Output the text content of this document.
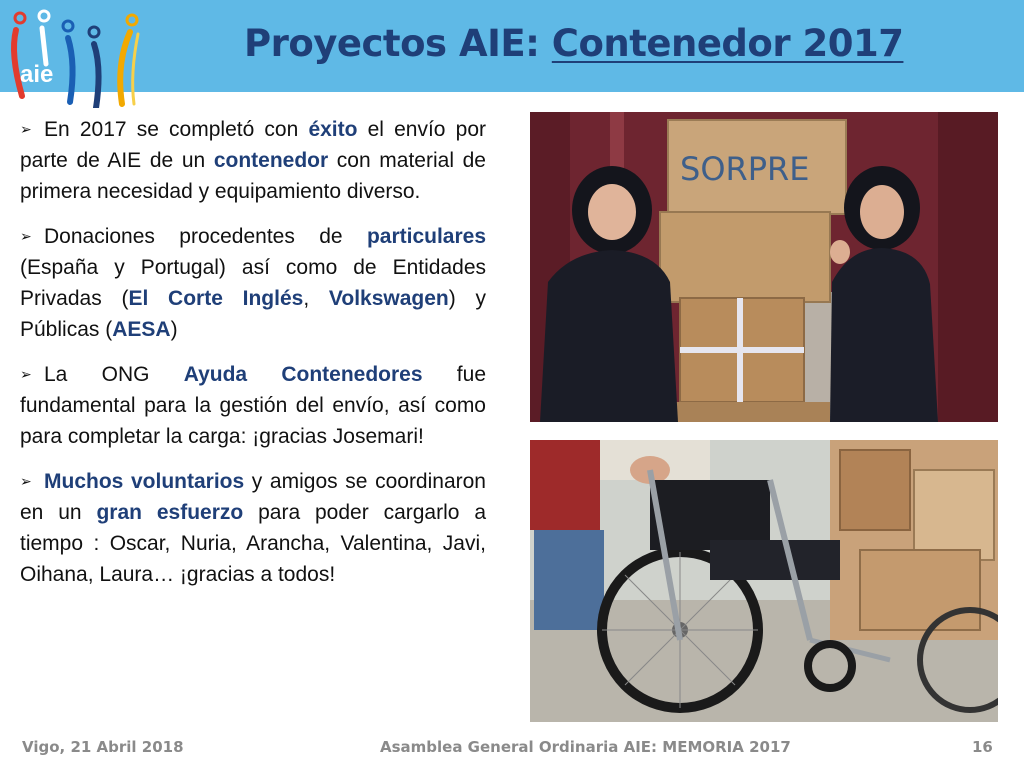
aie
Proyectos AIE: Contenedor 2017

➢ En 2017 se completó con éxito el envío por parte de AIE de un contenedor con material de primera necesidad y equipamiento diverso.

➢ Donaciones procedentes de particulares (España y Portugal) así como de Entidades Privadas (El Corte Inglés, Volkswagen) y Públicas (AESA)

➢ La ONG Ayuda Contenedores fue fundamental para la gestión del envío, así como para completar la carga: ¡gracias Josemari!

➢ Muchos voluntarios y amigos se coordinaron en un gran esfuerzo para poder cargarlo a tiempo : Oscar, Nuria, Arancha, Valentina, Javi, Oihana, Laura… ¡gracias a todos!

SORPRE
Vigo, 21 Abril 2018	Asamblea General Ordinaria AIE: MEMORIA 2017	16
